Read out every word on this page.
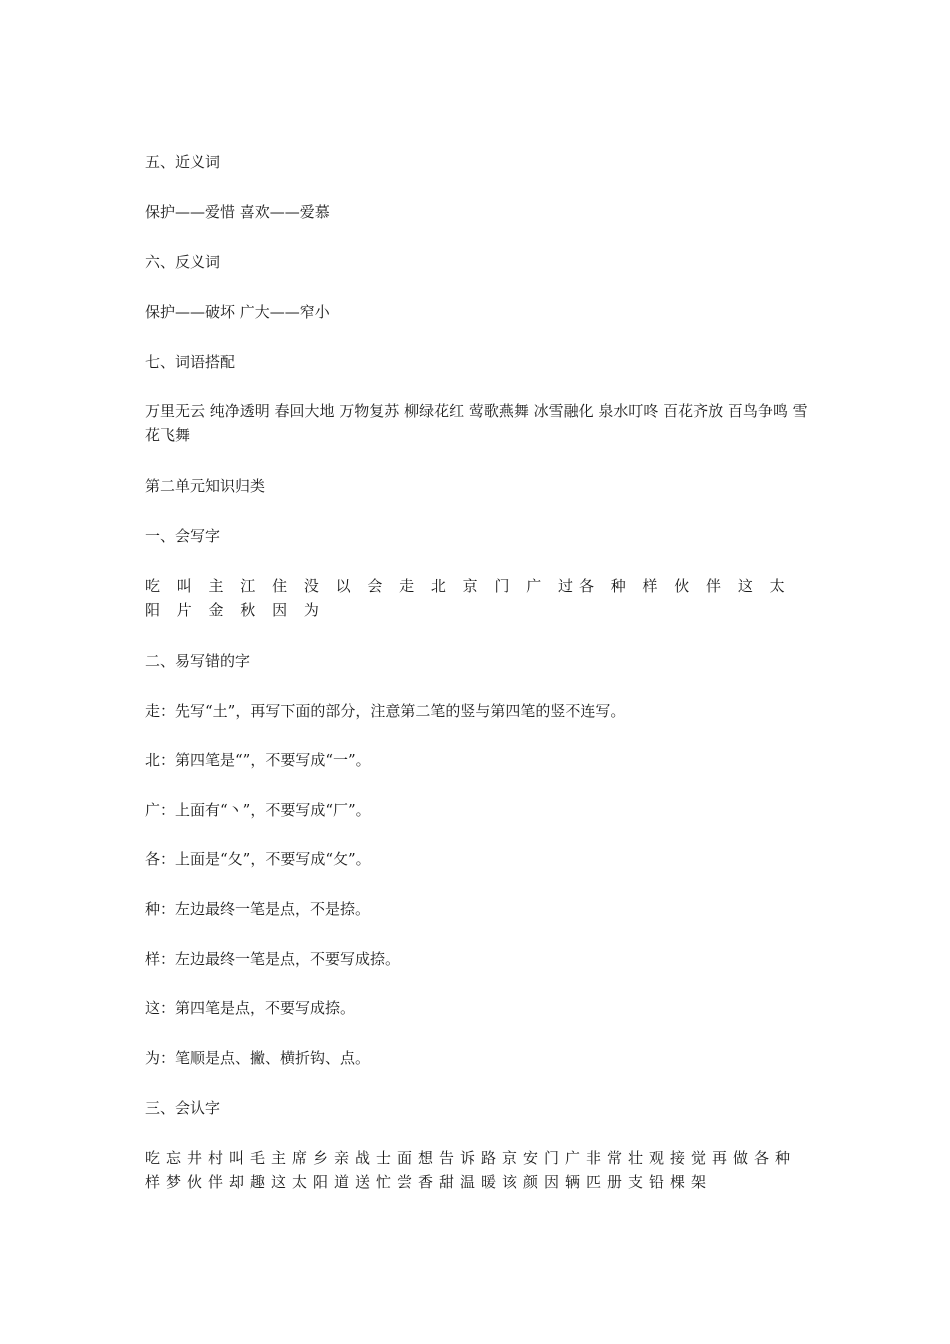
五、近义词

保护——爱惜 喜欢——爱慕

六、反义词

保护——破坏 广大——窄小

七、词语搭配

万里无云 纯净透明 春回大地 万物复苏 柳绿花红 莺歌燕舞 冰雪融化 泉水叮咚 百花齐放 百鸟争鸣 雪花飞舞

第二单元知识归类

一、会写字

吃 叫 主 江 住 没 以 会 走 北 京 门 广 过各 种 样 伙 伴 这 太 阳 片 金 秋 因 为

二、易写错的字

走：先写“土”，再写下面的部分，注意第二笔的竖与第四笔的竖不连写。

北：第四笔是“”，不要写成“一”。

广：上面有“丶”，不要写成“厂”。

各：上面是“夂”，不要写成“攵”。

种：左边最终一笔是点，不是捺。

样：左边最终一笔是点，不要写成捺。

这：第四笔是点，不要写成捺。

为：笔顺是点、撇、横折钩、点。

三、会认字

吃忘井村叫毛主席乡亲战士面想告诉路京安门广非常壮观接觉再做各种样梦伙伴却趣这太阳道送忙尝香甜温暖该颜因辆匹册支铅棵架
